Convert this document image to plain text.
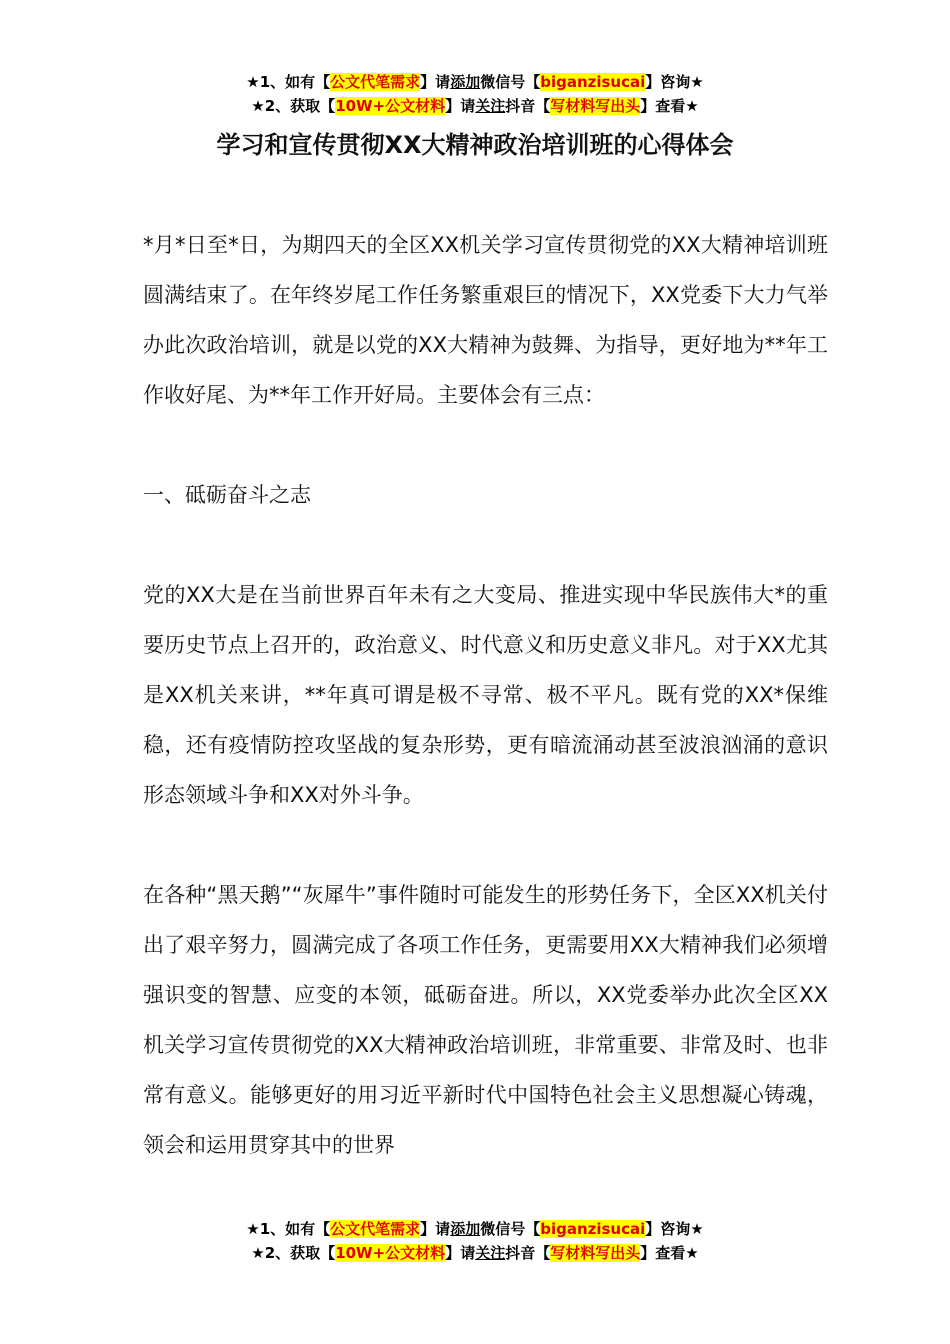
★1、如有【公文代笔需求】请添加微信号【biganzisucai】咨询★
★2、获取【10W+公文材料】请关注抖音【写材料写出头】查看★
学习和宣传贯彻XX大精神政治培训班的心得体会

*月*日至*日，为期四天的全区XX机关学习宣传贯彻党的XX大精神培训班圆满结束了。在年终岁尾工作任务繁重艰巨的情况下，XX党委下大力气举办此次政治培训，就是以党的XX大精神为鼓舞、为指导，更好地为**年工作收好尾、为**年工作开好局。主要体会有三点：

一、砥砺奋斗之志

党的XX大是在当前世界百年未有之大变局、推进实现中华民族伟大*的重要历史节点上召开的，政治意义、时代意义和历史意义非凡。对于XX尤其是XX机关来讲，**年真可谓是极不寻常、极不平凡。既有党的XX*保维稳，还有疫情防控攻坚战的复杂形势，更有暗流涌动甚至波浪汹涌的意识形态领域斗争和XX对外斗争。

在各种“黑天鹅”“灰犀牛”事件随时可能发生的形势任务下，全区XX机关付出了艰辛努力，圆满完成了各项工作任务，更需要用XX大精神我们必须增强识变的智慧、应变的本领，砥砺奋进。所以，XX党委举办此次全区XX机关学习宣传贯彻党的XX大精神政治培训班，非常重要、非常及时、也非常有意义。能够更好的用习近平新时代中国特色社会主义思想凝心铸魂，领会和运用贯穿其中的世界

★1、如有【公文代笔需求】请添加微信号【biganzisucai】咨询★
★2、获取【10W+公文材料】请关注抖音【写材料写出头】查看★
